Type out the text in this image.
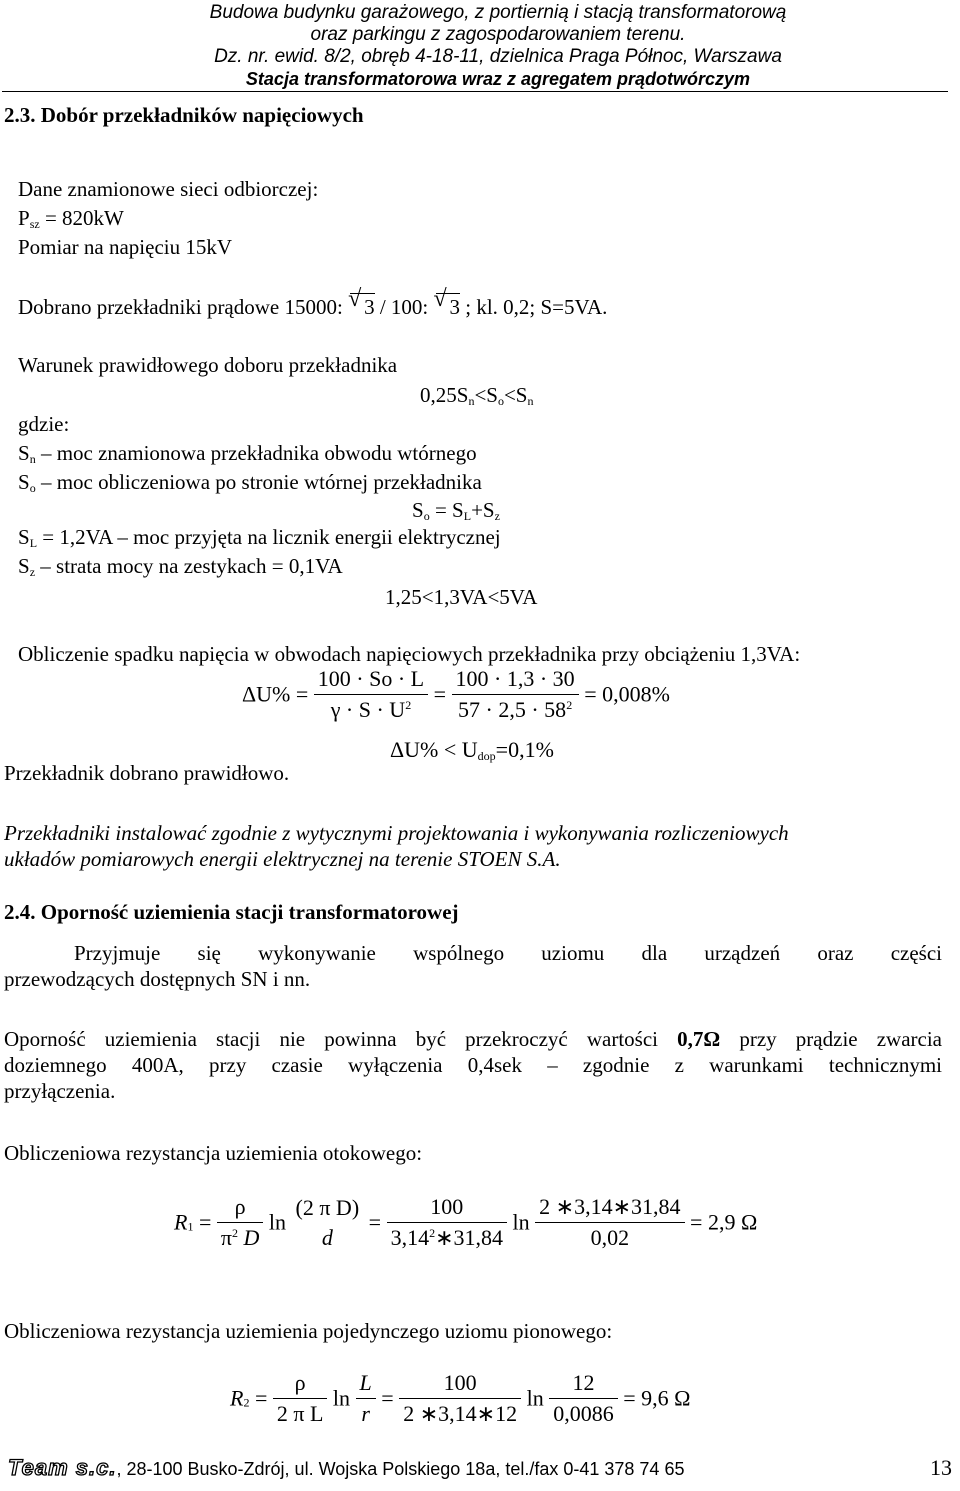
Budowa budynku garażowego, z portiernią i stacją transformatorową
oraz parkingu z zagospodarowaniem terenu.
Dz. nr. ewid. 8/2, obręb 4-18-11, dzielnica Praga Północ, Warszawa
Stacja transformatorowa wraz z agregatem prądotwórczym
2.3. Dobór przekładników napięciowych
Dane znamionowe sieci odbiorczej:
$P_{sz} = 820kW$
Pomiar na napięciu 15kV
Dobrano przekładniki prądowe 15000: √ 3 / 100: √ 3 ; kl. 0,2; S=5VA.
Warunek prawidłowego doboru przekładnika
$0,25S_n<S_o<S_n$
gdzie:
$S_n$ – moc znamionowa przekładnika obwodu wtórnego
$S_o$ – moc obliczeniowa po stronie wtórnej przekładnika
$S_o = S_L+S_z$
$S_L = 1,2VA$ – moc przyjęta na licznik energii elektrycznej
$S_z$ – strata mocy na zestykach = 0,1VA
1,25<1,3VA<5VA
Obliczenie spadku napięcia w obwodach napięciowych przekładnika przy obciążeniu 1,3VA:
$\Delta U\% = \frac{100 \cdot So \cdot L}{\gamma \cdot S \cdot U^2} = \frac{100 \cdot 1,3 \cdot 30}{57 \cdot 2,5 \cdot 58^2} = 0,008\%$
$\Delta U\% < U_{dop}=0,1\%$
Przekładnik dobrano prawidłowo.
Przekładniki instalować zgodnie z wytycznymi projektowania i wykonywania rozliczeniowych
układów pomiarowych energii elektrycznej na terenie STOEN S.A.
2.4. Oporność uziemienia stacji transformatorowej
Przyjmuje się wykonywanie wspólnego uziomu dla urządzeń oraz części
przewodzących dostępnych SN i nn.
Oporność uziemienia stacji nie powinna być przekroczyć wartości 0,7Ω przy prądzie zwarcia
doziemnego 400A, przy czasie wyłączenia 0,4sek – zgodnie z warunkami technicznymi
przyłączenia.
Obliczeniowa rezystancja uziemienia otokowego:
$R_1 = \frac{\rho}{\pi^2 D}$ ln
(2 π D)
d
= $\frac{100}{3,14^2∗31,84}$ $\ln \frac{2 ∗3,14∗31,84}{0,02} = 2,9$ Ω
Obliczeniowa rezystancja uziemienia pojedynczego uziomu pionowego:
$R_2 = \frac{\rho}{\text{2 π L}}$ $\ln \frac{L}{r} = \frac{100}{2 ∗3,14∗12}$ $\ln \frac{12}{0,0086} = 9,6$ Ω
Team s.c., 28-100 Busko-Zdrój, ul. Wojska Polskiego 18a, tel./fax 0-41 378 74 65	13
